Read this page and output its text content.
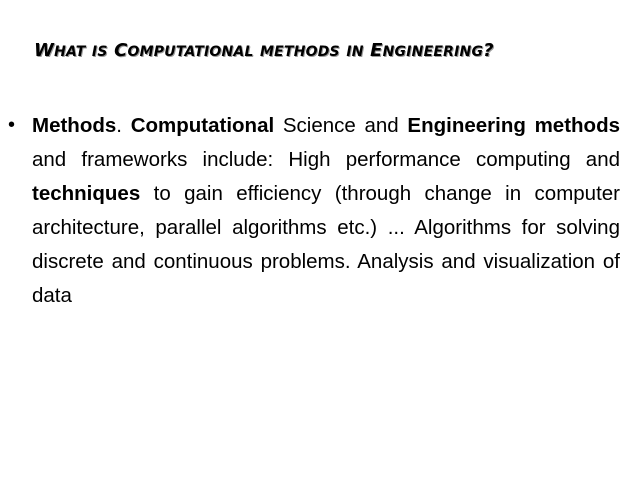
WHAT IS COMPUTATIONAL METHODS IN ENGINEERING?
• Methods. Computational Science and Engineering methods and frameworks include: High performance computing and techniques to gain efficiency (through change in computer architecture, parallel algorithms etc.) ... Algorithms for solving discrete and continuous problems. Analysis and visualization of data
